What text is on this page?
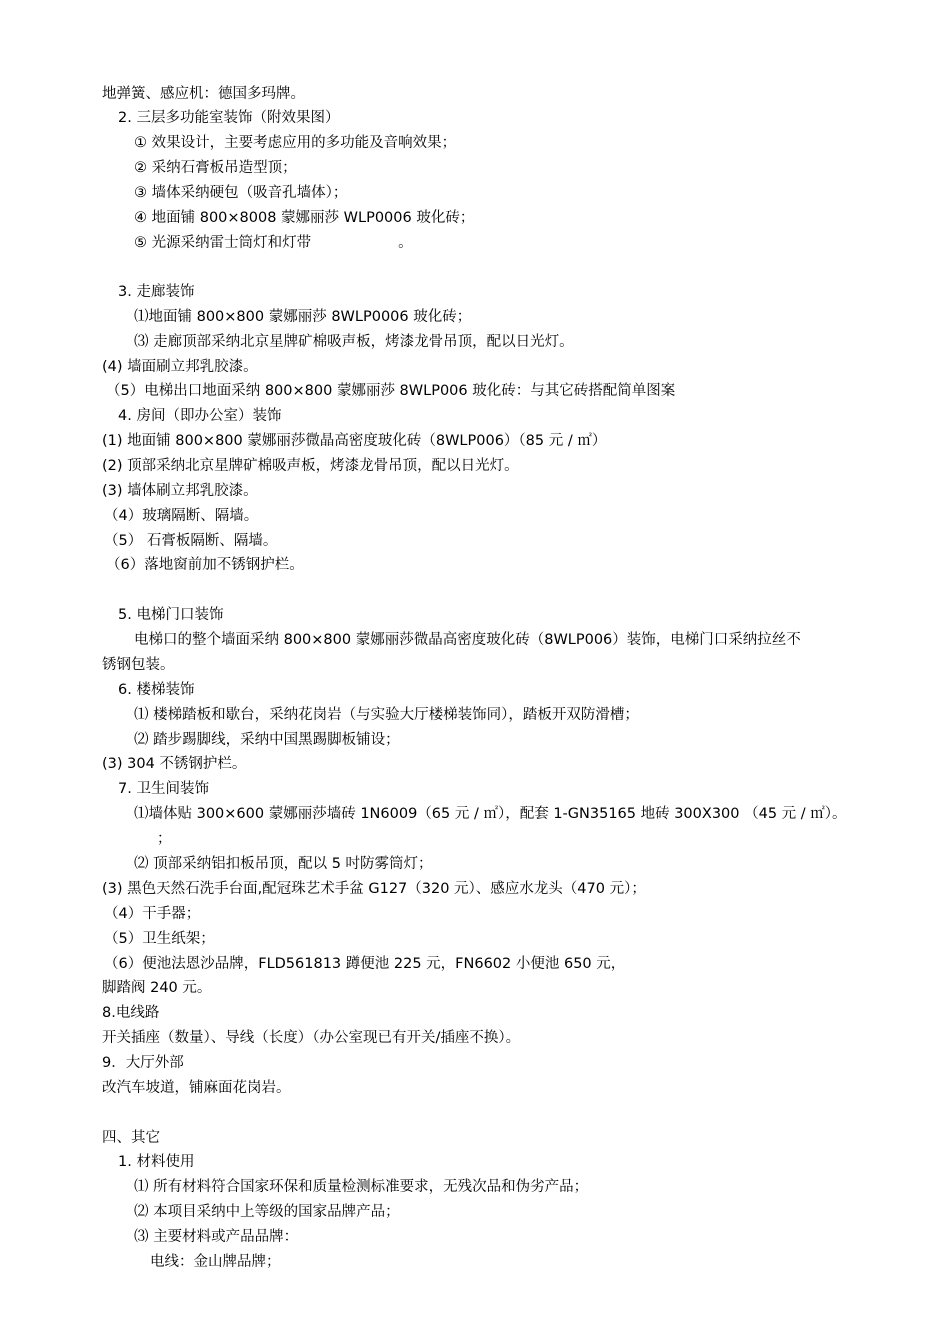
地弹簧、感应机：德国多玛牌。
2. 三层多功能室装饰（附效果图）
① 效果设计，主要考虑应用的多功能及音响效果；
② 采纳石膏板吊造型顶；
③ 墙体采纳硬包（吸音孔墙体）；
④ 地面铺 800×8008 蒙娜丽莎 WLP0006 玻化砖；
⑤ 光源采纳雷士筒灯和灯带　　　　　　。
3. 走廊装饰
⑴地面铺 800×800 蒙娜丽莎 8WLP0006 玻化砖；
⑶ 走廊顶部采纳北京星牌矿棉吸声板，烤漆龙骨吊顶，配以日光灯。
(4) 墙面刷立邦乳胶漆。
（5）电梯出口地面采纳 800×800 蒙娜丽莎 8WLP006 玻化砖：与其它砖搭配简单图案
4. 房间（即办公室）装饰
(1) 地面铺 800×800 蒙娜丽莎微晶高密度玻化砖（8WLP006）（85 元 / ㎡）
(2) 顶部采纳北京星牌矿棉吸声板，烤漆龙骨吊顶，配以日光灯。
(3) 墙体刷立邦乳胶漆。
（4）玻璃隔断、隔墙。
（5） 石膏板隔断、隔墙。
（6）落地窗前加不锈钢护栏。
5. 电梯门口装饰
电梯口的整个墙面采纳 800×800 蒙娜丽莎微晶高密度玻化砖（8WLP006）装饰，电梯门口采纳拉丝不
锈钢包装。
6. 楼梯装饰
⑴ 楼梯踏板和歇台，采纳花岗岩（与实验大厅楼梯装饰同），踏板开双防滑槽；
⑵ 踏步踢脚线，采纳中国黑踢脚板铺设；
(3) 304 不锈钢护栏。
7. 卫生间装饰
⑴墙体贴 300×600 蒙娜丽莎墙砖 1N6009（65 元 / ㎡），配套 1-GN35165 地砖 300X300 （45 元 / ㎡）。
；
⑵ 顶部采纳铝扣板吊顶，配以 5 吋防雾筒灯；
(3) 黑色天然石洗手台面,配冠珠艺术手盆 G127（320 元）、感应水龙头（470 元）；
（4）干手器；
（5）卫生纸架；
（6）便池法恩沙品牌，FLD561813 蹲便池 225 元，FN6602 小便池 650 元，
脚踏阀 240 元。
8.电线路
开关插座（数量）、导线（长度）（办公室现已有开关/插座不换）。
9．大厅外部
改汽车坡道，铺麻面花岗岩。
四、其它
1. 材料使用
⑴ 所有材料符合国家环保和质量检测标准要求，无残次品和伪劣产品；
⑵ 本项目采纳中上等级的国家品牌产品；
⑶ 主要材料或产品品牌：
电线：金山牌品牌；
